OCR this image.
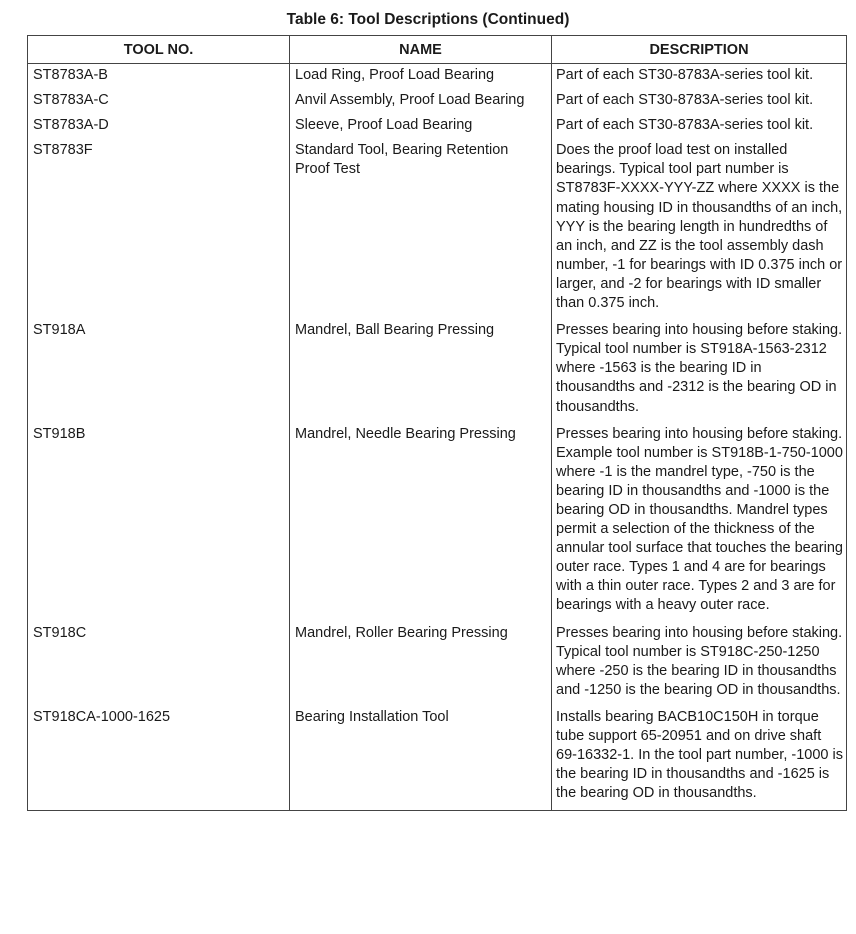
Table 6: Tool Descriptions (Continued)
TOOL NO.	NAME	DESCRIPTION
ST8783A-B	Load Ring, Proof Load Bearing	Part of each ST30-8783A-series tool kit.
ST8783A-C	Anvil Assembly, Proof Load Bearing	Part of each ST30-8783A-series tool kit.
ST8783A-D	Sleeve, Proof Load Bearing	Part of each ST30-8783A-series tool kit.
ST8783F	Standard Tool, Bearing Retention Proof Test	Does the proof load test on installed bearings. Typical tool part number is ST8783F-XXXX-YYY-ZZ where XXXX is the mating housing ID in thousandths of an inch, YYY is the bearing length in hundredths of an inch, and ZZ is the tool assembly dash number, -1 for bearings with ID 0.375 inch or larger, and -2 for bearings with ID smaller than 0.375 inch.
ST918A	Mandrel, Ball Bearing Pressing	Presses bearing into housing before staking. Typical tool number is ST918A-1563-2312 where -1563 is the bearing ID in thousandths and -2312 is the bearing OD in thousandths.
ST918B	Mandrel, Needle Bearing Pressing	Presses bearing into housing before staking. Example tool number is ST918B-1-750-1000 where -1 is the mandrel type, -750 is the bearing ID in thousandths and -1000 is the bearing OD in thousandths. Mandrel types permit a selection of the thickness of the annular tool surface that touches the bearing outer race. Types 1 and 4 are for bearings with a thin outer race. Types 2 and 3 are for bearings with a heavy outer race.
ST918C	Mandrel, Roller Bearing Pressing	Presses bearing into housing before staking. Typical tool number is ST918C-250-1250 where -250 is the bearing ID in thousandths and -1250 is the bearing OD in thousandths.
ST918CA-1000-1625	Bearing Installation Tool	Installs bearing BACB10C150H in torque tube support 65-20951 and on drive shaft 69-16332-1. In the tool part number, -1000 is the bearing ID in thousandths and -1625 is the bearing OD in thousandths.
